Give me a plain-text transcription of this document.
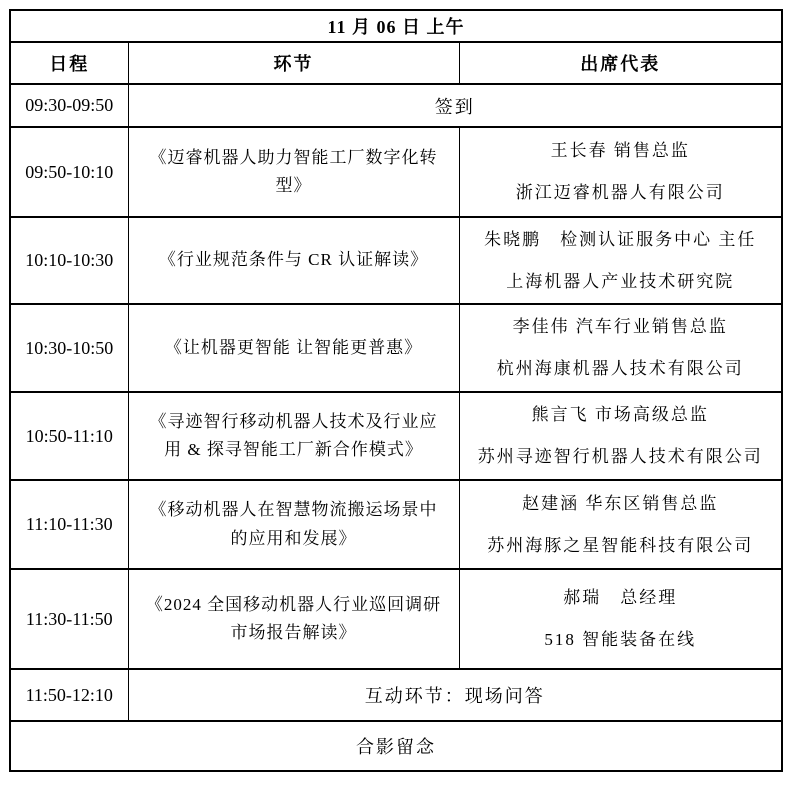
11 月 06 日 上午		
日程	环节	出席代表
09:30-09:50	签到	
09:50-10:10	《迈睿机器人助力智能工厂数字化转型》	王长春 销售总监
浙江迈睿机器人有限公司

10:10-10:30	《行业规范条件与 CR 认证解读》	朱晓鹏　检测认证服务中心 主任
上海机器人产业技术研究院

10:30-10:50	《让机器更智能 让智能更普惠》	李佳伟 汽车行业销售总监
杭州海康机器人技术有限公司

10:50-11:10	《寻迹智行移动机器人技术及行业应用 & 探寻智能工厂新合作模式》	熊言飞 市场高级总监
苏州寻迹智行机器人技术有限公司

11:10-11:30	《移动机器人在智慧物流搬运场景中的应用和发展》	赵建涵 华东区销售总监
苏州海豚之星智能科技有限公司

11:30-11:50	《2024 全国移动机器人行业巡回调研市场报告解读》	郝瑞　总经理
518 智能装备在线

11:50-12:10	互动环节：现场问答	
合影留念		
